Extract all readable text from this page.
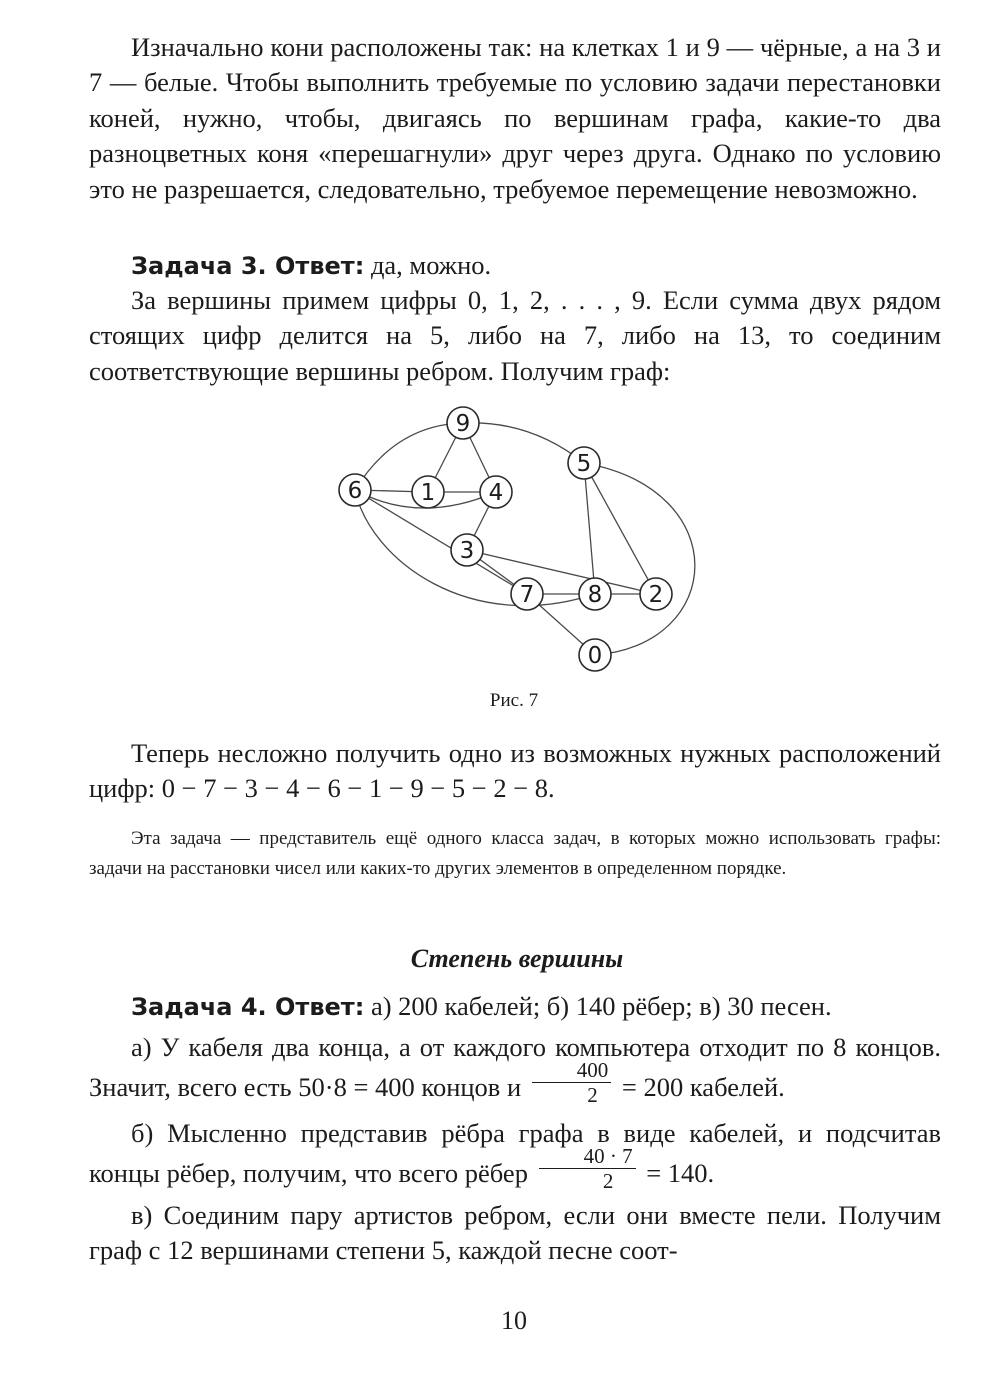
Изначально кони расположены так: на клетках 1 и 9 — чёрные, а на 3 и 7 — белые. Чтобы выполнить требуемые по условию задачи перестановки коней, нужно, чтобы, двигаясь по вершинам графа, какие-то два разноцветных коня «перешагнули» друг через друга. Однако по условию это не разрешается, следовательно, требуемое перемещение невозможно.

Задача 3. Ответ: да, можно.

За вершины примем цифры 0, 1, 2, . . . , 9. Если сумма двух рядом стоящих цифр делится на 5, либо на 7, либо на 13, то соединим соответствующие вершины ребром. Получим граф:

9
5
6	1 4
3
7 8 2
0
Рис. 7

Теперь несложно получить одно из возможных нужных расположений цифр: 0 − 7 − 3 − 4 − 6 − 1 − 9 − 5 − 2 − 8.

Эта задача — представитель ещё одного класса задач, в которых можно использовать графы: задачи на расстановки чисел или каких-то других элементов в определенном порядке.

Степень вершины

Задача 4. Ответ: а) 200 кабелей; б) 140 рёбер; в) 30 песен.

а) У кабеля два конца, а от каждого компьютера отходит по 8 концов. Значит, всего есть 50·8 = 400 концов и $\frac{400}{2} = 200$ кабелей.

б) Мысленно представив рёбра графа в виде кабелей, и подсчитав концы рёбер, получим, что всего рёбер $\frac{40 \cdot 7}{2} = 140$.

в) Соединим пару артистов ребром, если они вместе пели. Получим граф с 12 вершинами степени 5, каждой песне соот-

10
